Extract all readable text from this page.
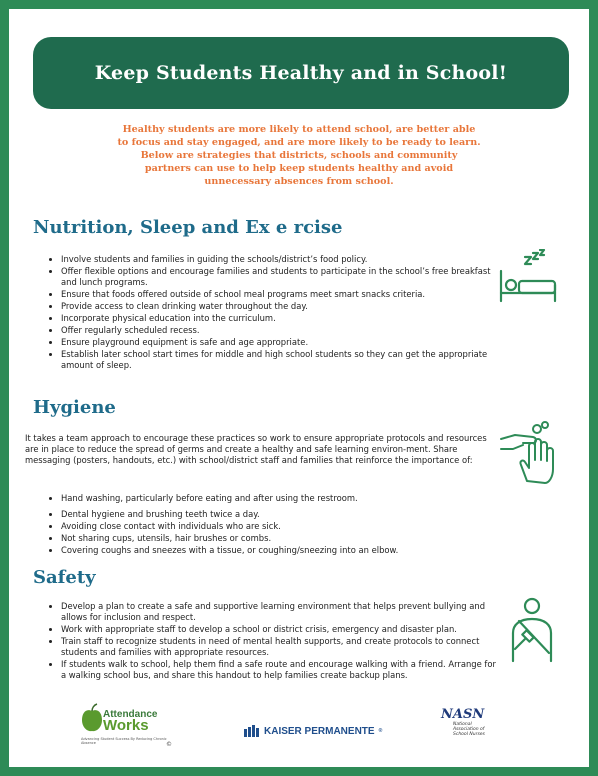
Keep Students Healthy and in School!
Healthy students are more likely to attend school, are better able
to focus and stay engaged, and are more likely to be ready to learn.
Below are strategies that districts, schools and community
partners can use to help keep students healthy and avoid
unnecessary absences from school.
Nutrition, Sleep and Ex e rcise
• Involve students and families in guiding the schools/district’s food policy.
• Offer flexible options and encourage families and students to participate in the school’s free breakfast and lunch programs.
• Ensure that foods offered outside of school meal programs meet smart snacks criteria.
• Provide access to clean drinking water throughout the day.
• Incorporate physical education into the curriculum.
• Offer regularly scheduled recess.
• Ensure playground equipment is safe and age appropriate.
• Establish later school start times for middle and high school students so they can get the appropriate amount of sleep.
Hygiene

It takes a team approach to encourage these practices so work to ensure appropriate protocols and resources are in place to reduce the spread of germs and create a healthy and safe learning environ-ment. Share messaging (posters, handouts, etc.) with school/district staff and families that reinforce the importance of:

• Hand washing, particularly before eating and after using the restroom.
• Dental hygiene and brushing teeth twice a day.
• Avoiding close contact with individuals who are sick.
• Not sharing cups, utensils, hair brushes or combs.
• Covering coughs and sneezes with a tissue, or coughing/sneezing into an elbow.
Safety
• Develop a plan to create a safe and supportive learning environment that helps prevent bullying and allows for inclusion and respect.
• Work with appropriate staff to develop a school or district crisis, emergency and disaster plan.
• Train staff to recognize students in need of mental health supports, and create protocols to connect students and families with appropriate resources.
• If students walk to school, help them find a safe route and encourage walking with a friend. Arrange for a walking school bus, and share this handout to help families create backup plans.
Attendance
Works
Advancing Student Success By Reducing Chronic Absence	©
KAISER PERMANENTE ®
NASN
National
Association of
School Nurses
